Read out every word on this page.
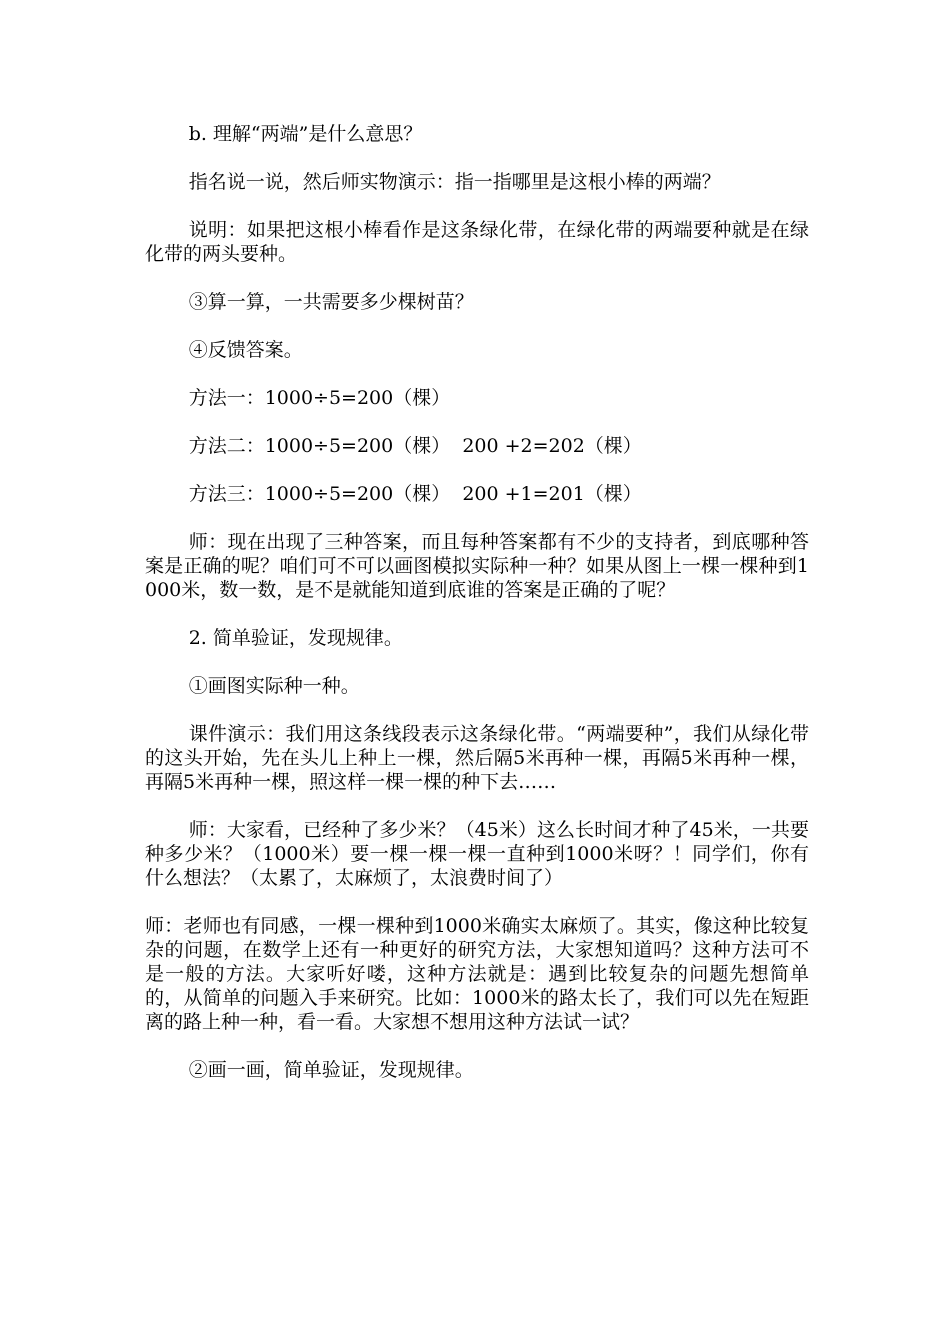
b. 理解“两端”是什么意思？

指名说一说，然后师实物演示：指一指哪里是这根小棒的两端？

说明：如果把这根小棒看作是这条绿化带，在绿化带的两端要种就是在绿化带的两头要种。

③算一算，一共需要多少棵树苗？

④反馈答案。

方法一：1000÷5=200（棵）

方法二：1000÷5=200（棵）  200 +2=202（棵）

方法三：1000÷5=200（棵）  200 +1=201（棵）

师：现在出现了三种答案，而且每种答案都有不少的支持者，到底哪种答案是正确的呢？咱们可不可以画图模拟实际种一种？如果从图上一棵一棵种到1000米，数一数，是不是就能知道到底谁的答案是正确的了呢？

2. 简单验证，发现规律。

①画图实际种一种。

课件演示：我们用这条线段表示这条绿化带。“两端要种”，我们从绿化带的这头开始，先在头儿上种上一棵，然后隔5米再种一棵，再隔5米再种一棵，再隔5米再种一棵，照这样一棵一棵的种下去……

师：大家看，已经种了多少米？（45米）这么长时间才种了45米，一共要种多少米？（1000米）要一棵一棵一棵一直种到1000米呀？！同学们，你有什么想法？（太累了，太麻烦了，太浪费时间了）

师：老师也有同感，一棵一棵种到1000米确实太麻烦了。其实，像这种比较复杂的问题，在数学上还有一种更好的研究方法，大家想知道吗？这种方法可不是一般的方法。大家听好喽，这种方法就是：遇到比较复杂的问题先想简单的，从简单的问题入手来研究。比如：1000米的路太长了，我们可以先在短距离的路上种一种，看一看。大家想不想用这种方法试一试？

②画一画，简单验证，发现规律。
